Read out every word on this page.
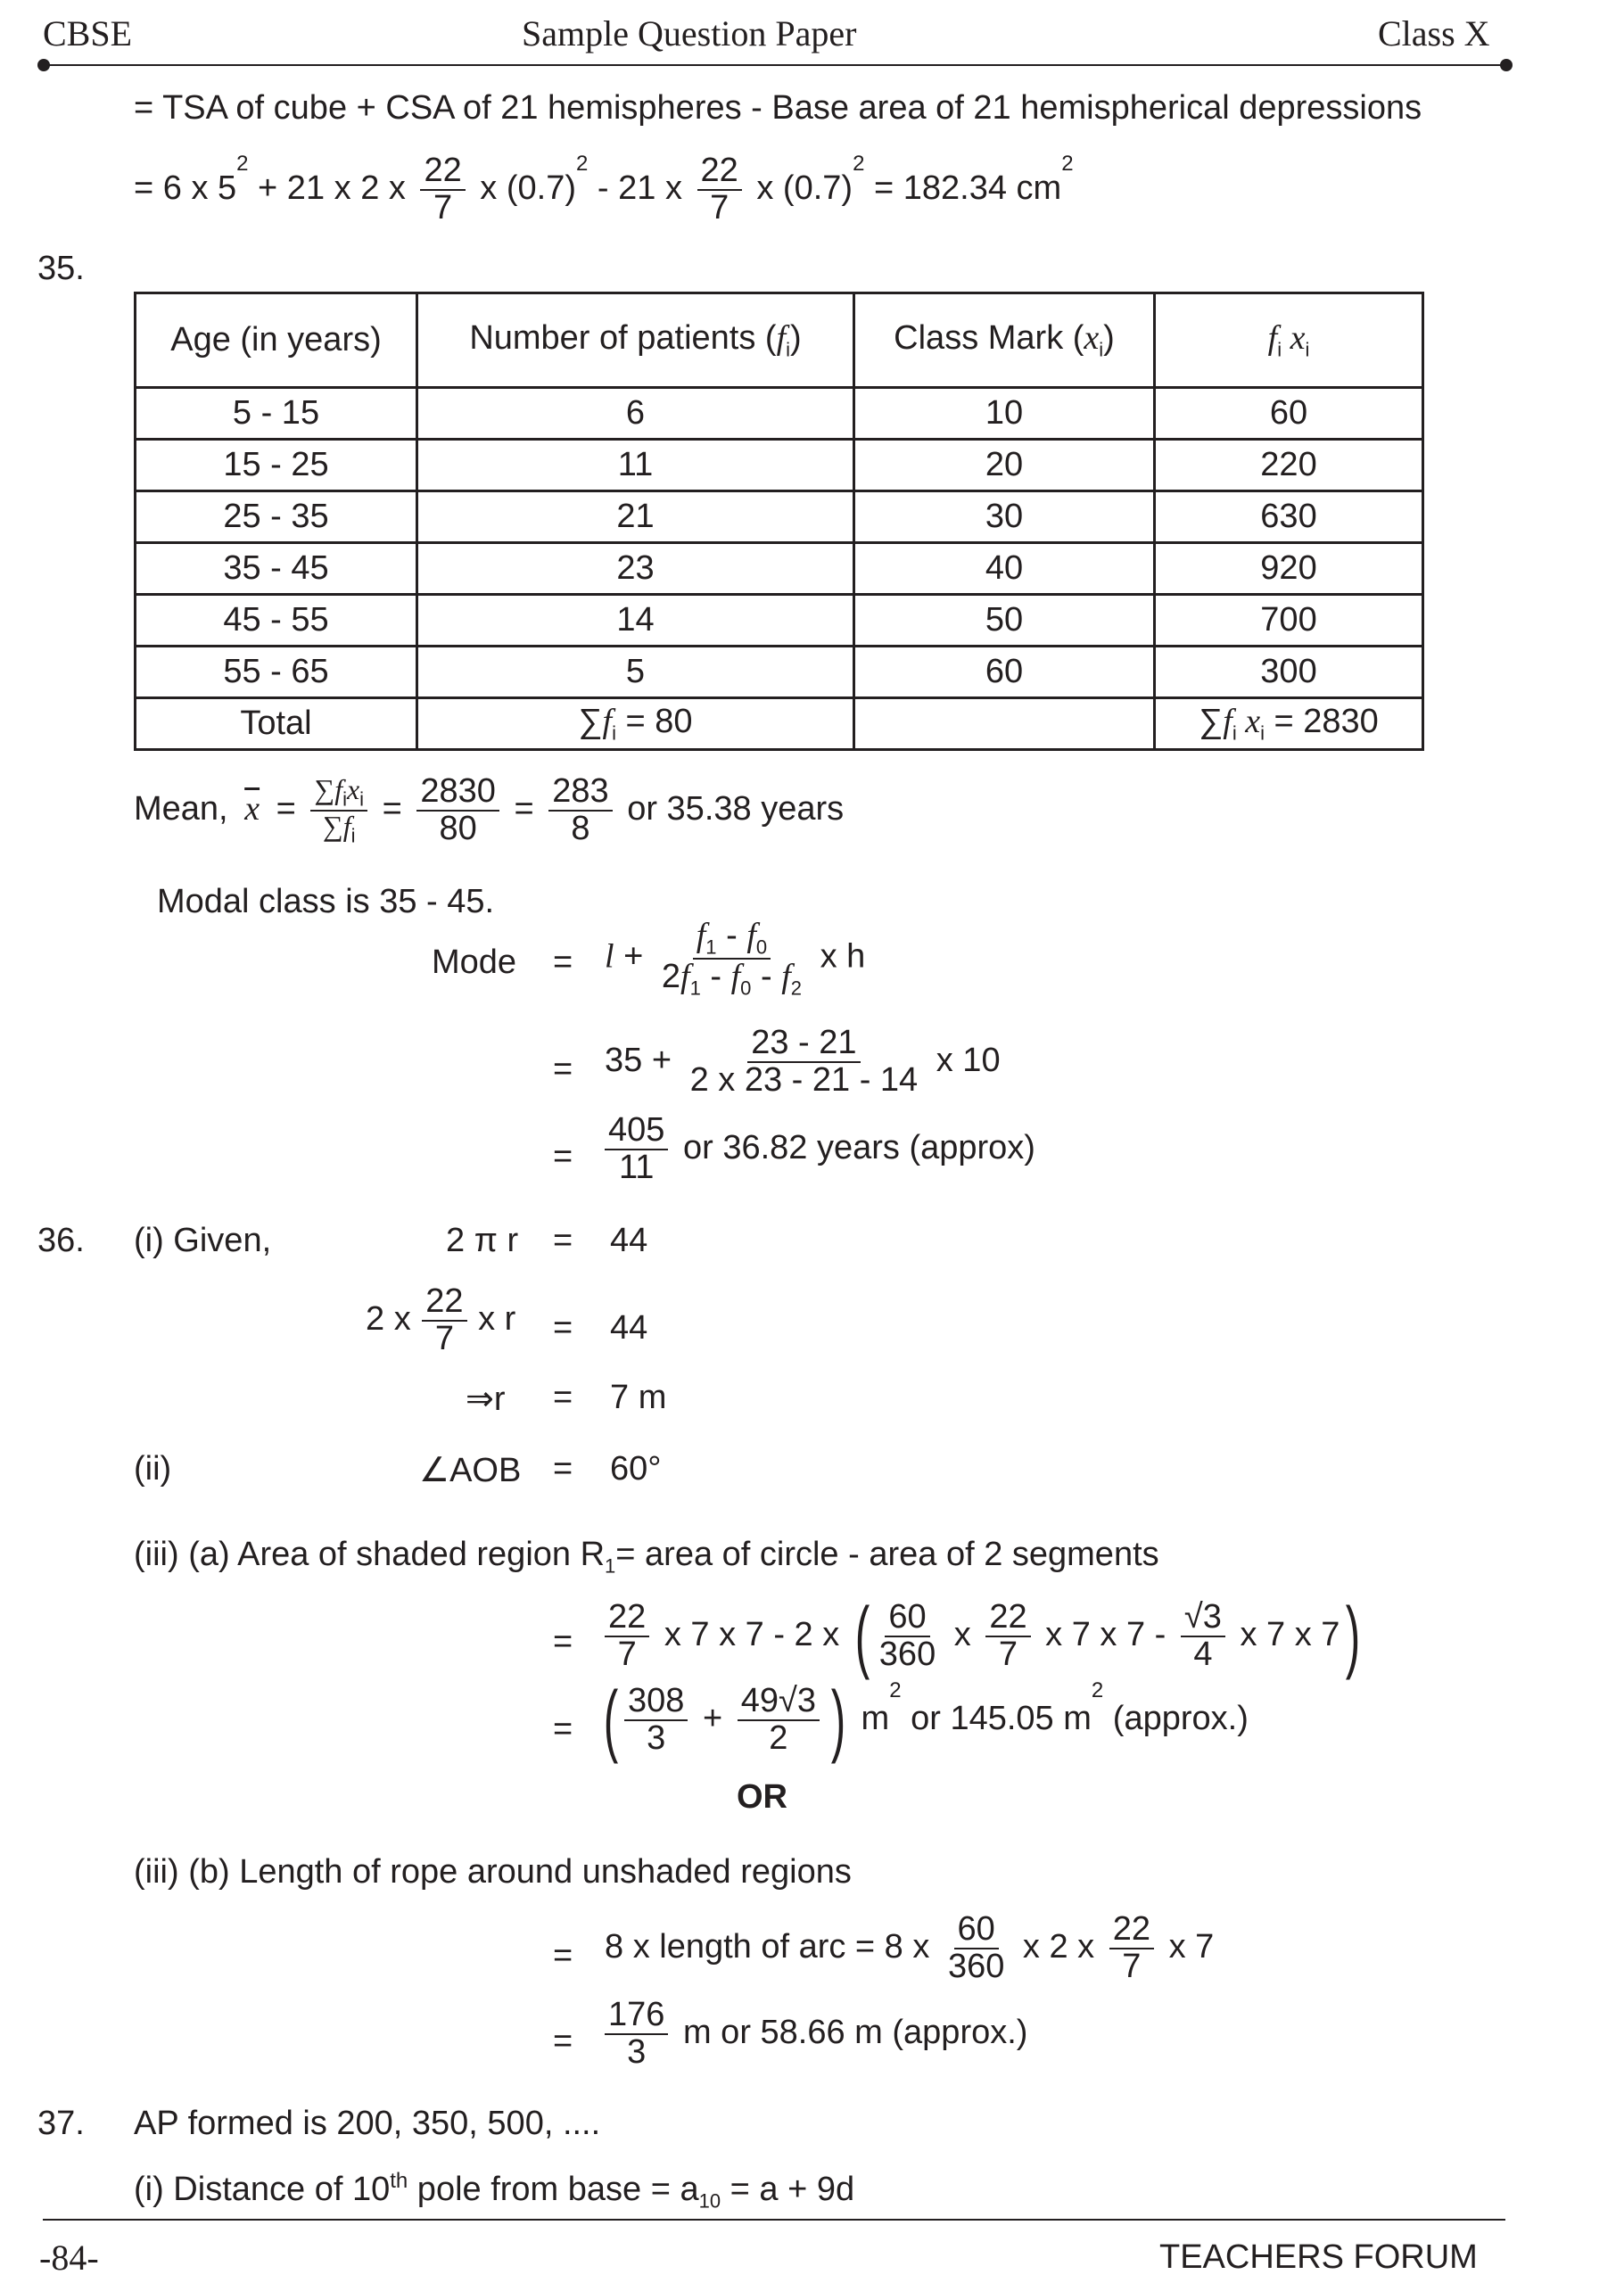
CBSE	Sample Question Paper	Class X
= TSA of cube + CSA of 21 hemispheres - Base area of 21 hemispherical depressions
= 6 x $5^2 + 21$ x 2 x $\frac{22}{7}$ x $(0.7)^2 - 21$ x $\frac{22}{7}$ x $(0.7)^2 = 182.34$ $cm^2$
35.
Age (in years)	Number of patients $(f_i)$	Class Mark $(x_i)$	$f_i$ $x_i$
5 - 15	6	10	60
15 - 25	11	20	220
25 - 35	21	30	630
35 - 45	23	40	920
45 - 55	14	50	700
55 - 65	5	60	300
Total	$\sum f_i = 80$		$\sum f_i$ $x_i = 2830$
Mean, $\overline{x} = \frac{\sum f_ix_i}{\sum f_i} = \frac{2830}{80} = \frac{283}{8}$ or 35.38 years
Modal class is 35 - 45.
Mode = $l + \frac{f_1 - f_0}{2f_1 - f_0 - f_2}$ x h
= $35 + \frac{23 - 21}{2 x 23 - 21 - 14}$ x 10
= $\frac{405}{11}$ or 36.82 years (approx)
36. (i) Given,	2 π r = 44
2 x $\frac{22}{7}$ x r = 44
⇒r = 7 m
(ii)	∠AOB = 60°
(iii) (a) Area of shaded region $R_1=$ area of circle - area of 2 segments
= $\frac{22}{7}$ x 7 x 7 - 2 x ( $\frac{60}{360}$ x $\frac{22}{7}$ x 7 x $7 - \frac{√3}{4}$ x 7 x 7)
= ( $\frac{308}{3} + \frac{49√3}{2}$ ) $m^2$ or 145.05 $m^2$ (approx.)
OR
(iii) (b) Length of rope around unshaded regions
= 8 x length of arc = 8 x $\frac{60}{360}$ x 2 x $\frac{22}{7}$ x 7
= $\frac{176}{3}$ m or 58.66 m (approx.)
37. AP formed is 200, 350, 500, ....
(i) Distance of 10th pole from base = $a_{10} = a + 9d$
-84-	TEACHERS FORUM
